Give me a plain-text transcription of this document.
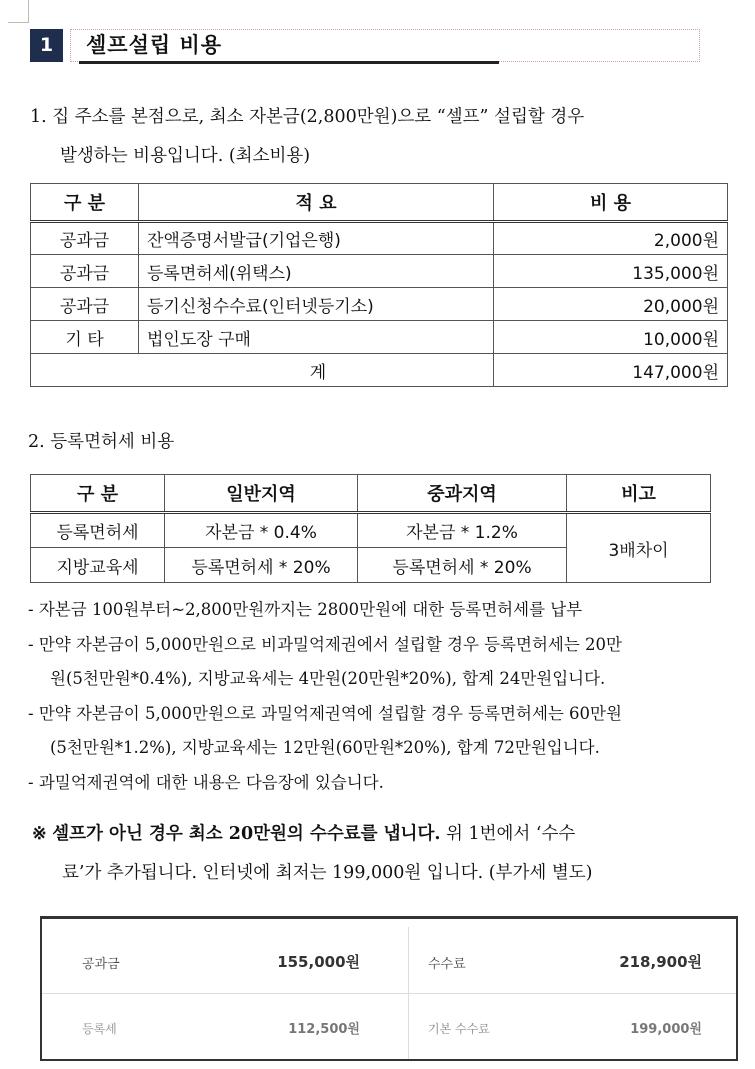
1	셀프설립 비용
1. 집 주소를 본점으로, 최소 자본금(2,800만원)으로 “셀프” 설립할 경우
발생하는 비용입니다. (최소비용)
구 분	적 요	비 용
공과금	잔액증명서발급(기업은행)	2,000원
공과금	등록면허세(위택스)	135,000원
공과금	등기신청수수료(인터넷등기소)	20,000원
기 타	법인도장 구매	10,000원
계		147,000원
2. 등록면허세 비용
구 분	일반지역	중과지역	비고
등록면허세	자본금 * 0.4%	자본금 * 1.2%	3배차이
지방교육세	등록면허세 * 20%	등록면허세 * 20%	
- 자본금 100원부터~2,800만원까지는 2800만원에 대한 등록면허세를 납부
- 만약 자본금이 5,000만원으로 비과밀억제권에서 설립할 경우 등록면허세는 20만
원(5천만원*0.4%), 지방교육세는 4만원(20만원*20%), 합계 24만원입니다.
- 만약 자본금이 5,000만원으로 과밀억제권역에 설립할 경우 등록면허세는 60만원
(5천만원*1.2%), 지방교육세는 12만원(60만원*20%), 합계 72만원입니다.
- 과밀억제권역에 대한 내용은 다음장에 있습니다.
※ 셀프가 아닌 경우 최소 20만원의 수수료를 냅니다. 위 1번에서 ‘수수
료’가 추가됩니다. 인터넷에 최저는 199,000원 입니다. (부가세 별도)
공과금	155,000원	수수료	218,900원
등록세	112,500원	기본 수수료	199,000원
